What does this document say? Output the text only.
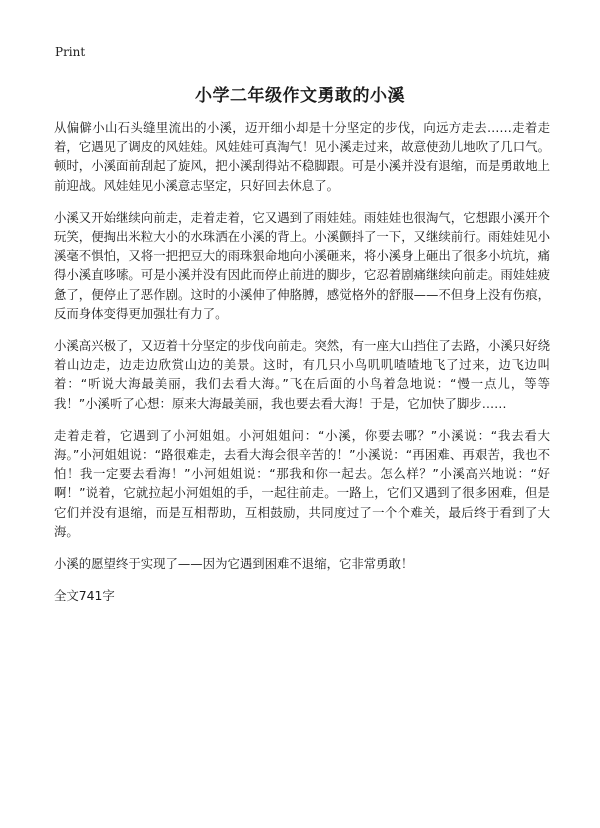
Print
小学二年级作文勇敢的小溪

从偏僻小山石头缝里流出的小溪，迈开细小却是十分坚定的步伐，向远方走去……走着走着，它遇见了调皮的风娃娃。风娃娃可真淘气！见小溪走过来，故意使劲儿地吹了几口气。顿时，小溪面前刮起了旋风，把小溪刮得站不稳脚跟。可是小溪并没有退缩，而是勇敢地上前迎战。风娃娃见小溪意志坚定，只好回去休息了。

小溪又开始继续向前走，走着走着，它又遇到了雨娃娃。雨娃娃也很淘气，它想跟小溪开个玩笑，便掏出米粒大小的水珠洒在小溪的背上。小溪颤抖了一下，又继续前行。雨娃娃见小溪毫不惧怕，又将一把把豆大的雨珠狠命地向小溪砸来，将小溪身上砸出了很多小坑坑，痛得小溪直哆嗦。可是小溪并没有因此而停止前进的脚步，它忍着剧痛继续向前走。雨娃娃疲惫了，便停止了恶作剧。这时的小溪伸了伸胳膊，感觉格外的舒服——不但身上没有伤痕，反而身体变得更加强壮有力了。

小溪高兴极了，又迈着十分坚定的步伐向前走。突然，有一座大山挡住了去路，小溪只好绕着山边走，边走边欣赏山边的美景。这时，有几只小鸟叽叽喳喳地飞了过来，边飞边叫着：“听说大海最美丽，我们去看大海。”飞在后面的小鸟着急地说：“慢一点儿，等等我！”小溪听了心想：原来大海最美丽，我也要去看大海！于是，它加快了脚步……

走着走着，它遇到了小河姐姐。小河姐姐问：“小溪，你要去哪？”小溪说：“我去看大海。”小河姐姐说：“路很难走，去看大海会很辛苦的！”小溪说：“再困难、再艰苦，我也不怕！我一定要去看海！”小河姐姐说：“那我和你一起去。怎么样？”小溪高兴地说：“好啊！”说着，它就拉起小河姐姐的手，一起往前走。一路上，它们又遇到了很多困难，但是它们并没有退缩，而是互相帮助，互相鼓励，共同度过了一个个难关，最后终于看到了大海。

小溪的愿望终于实现了——因为它遇到困难不退缩，它非常勇敢！

全文741字
